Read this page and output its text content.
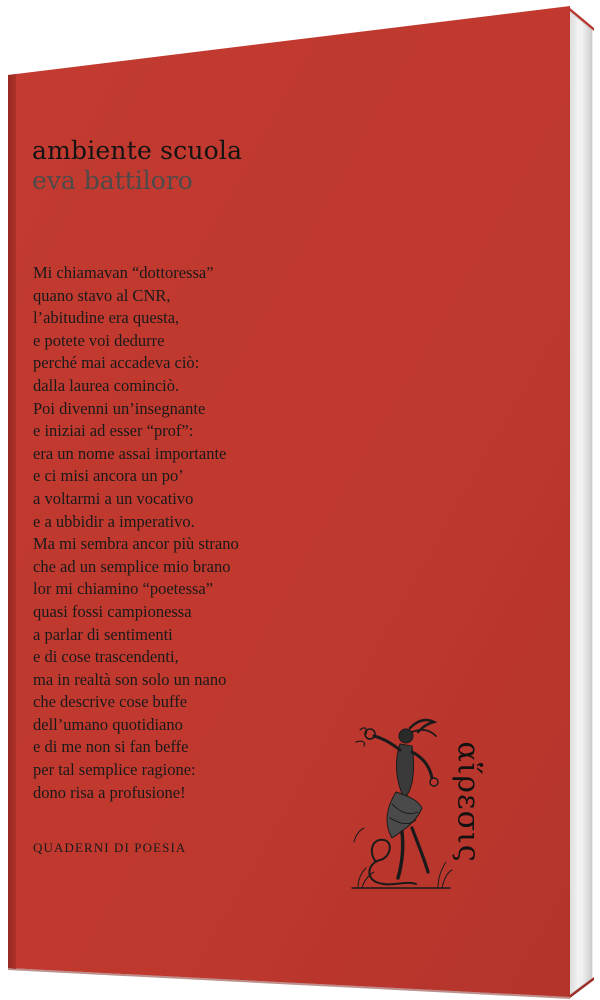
ambiente scuola
eva battiloro
Mi chiamavan “dottoressa”
quano stavo al CNR,
l’abitudine era questa,
e potete voi dedurre
perché mai accadeva ciò:
dalla laurea cominciò.
Poi divenni un’insegnante
e iniziai ad esser “prof”:
era un nome assai importante
e ci misi ancora un po’
a voltarmi a un vocativo
e a ubbidir a imperativo.
Ma mi sembra ancor più strano
che ad un semplice mio brano
lor mi chiamino “poetessa”
quasi fossi campionessa
a parlar di sentimenti
e di cose trascendenti,
ma in realtà son solo un nano
che descrive cose buffe
dell’umano quotidiano
e di me non si fan beffe
per tal semplice ragione:
dono risa a profusione!
QUADERNI DI POESIA	αἵρεσις
